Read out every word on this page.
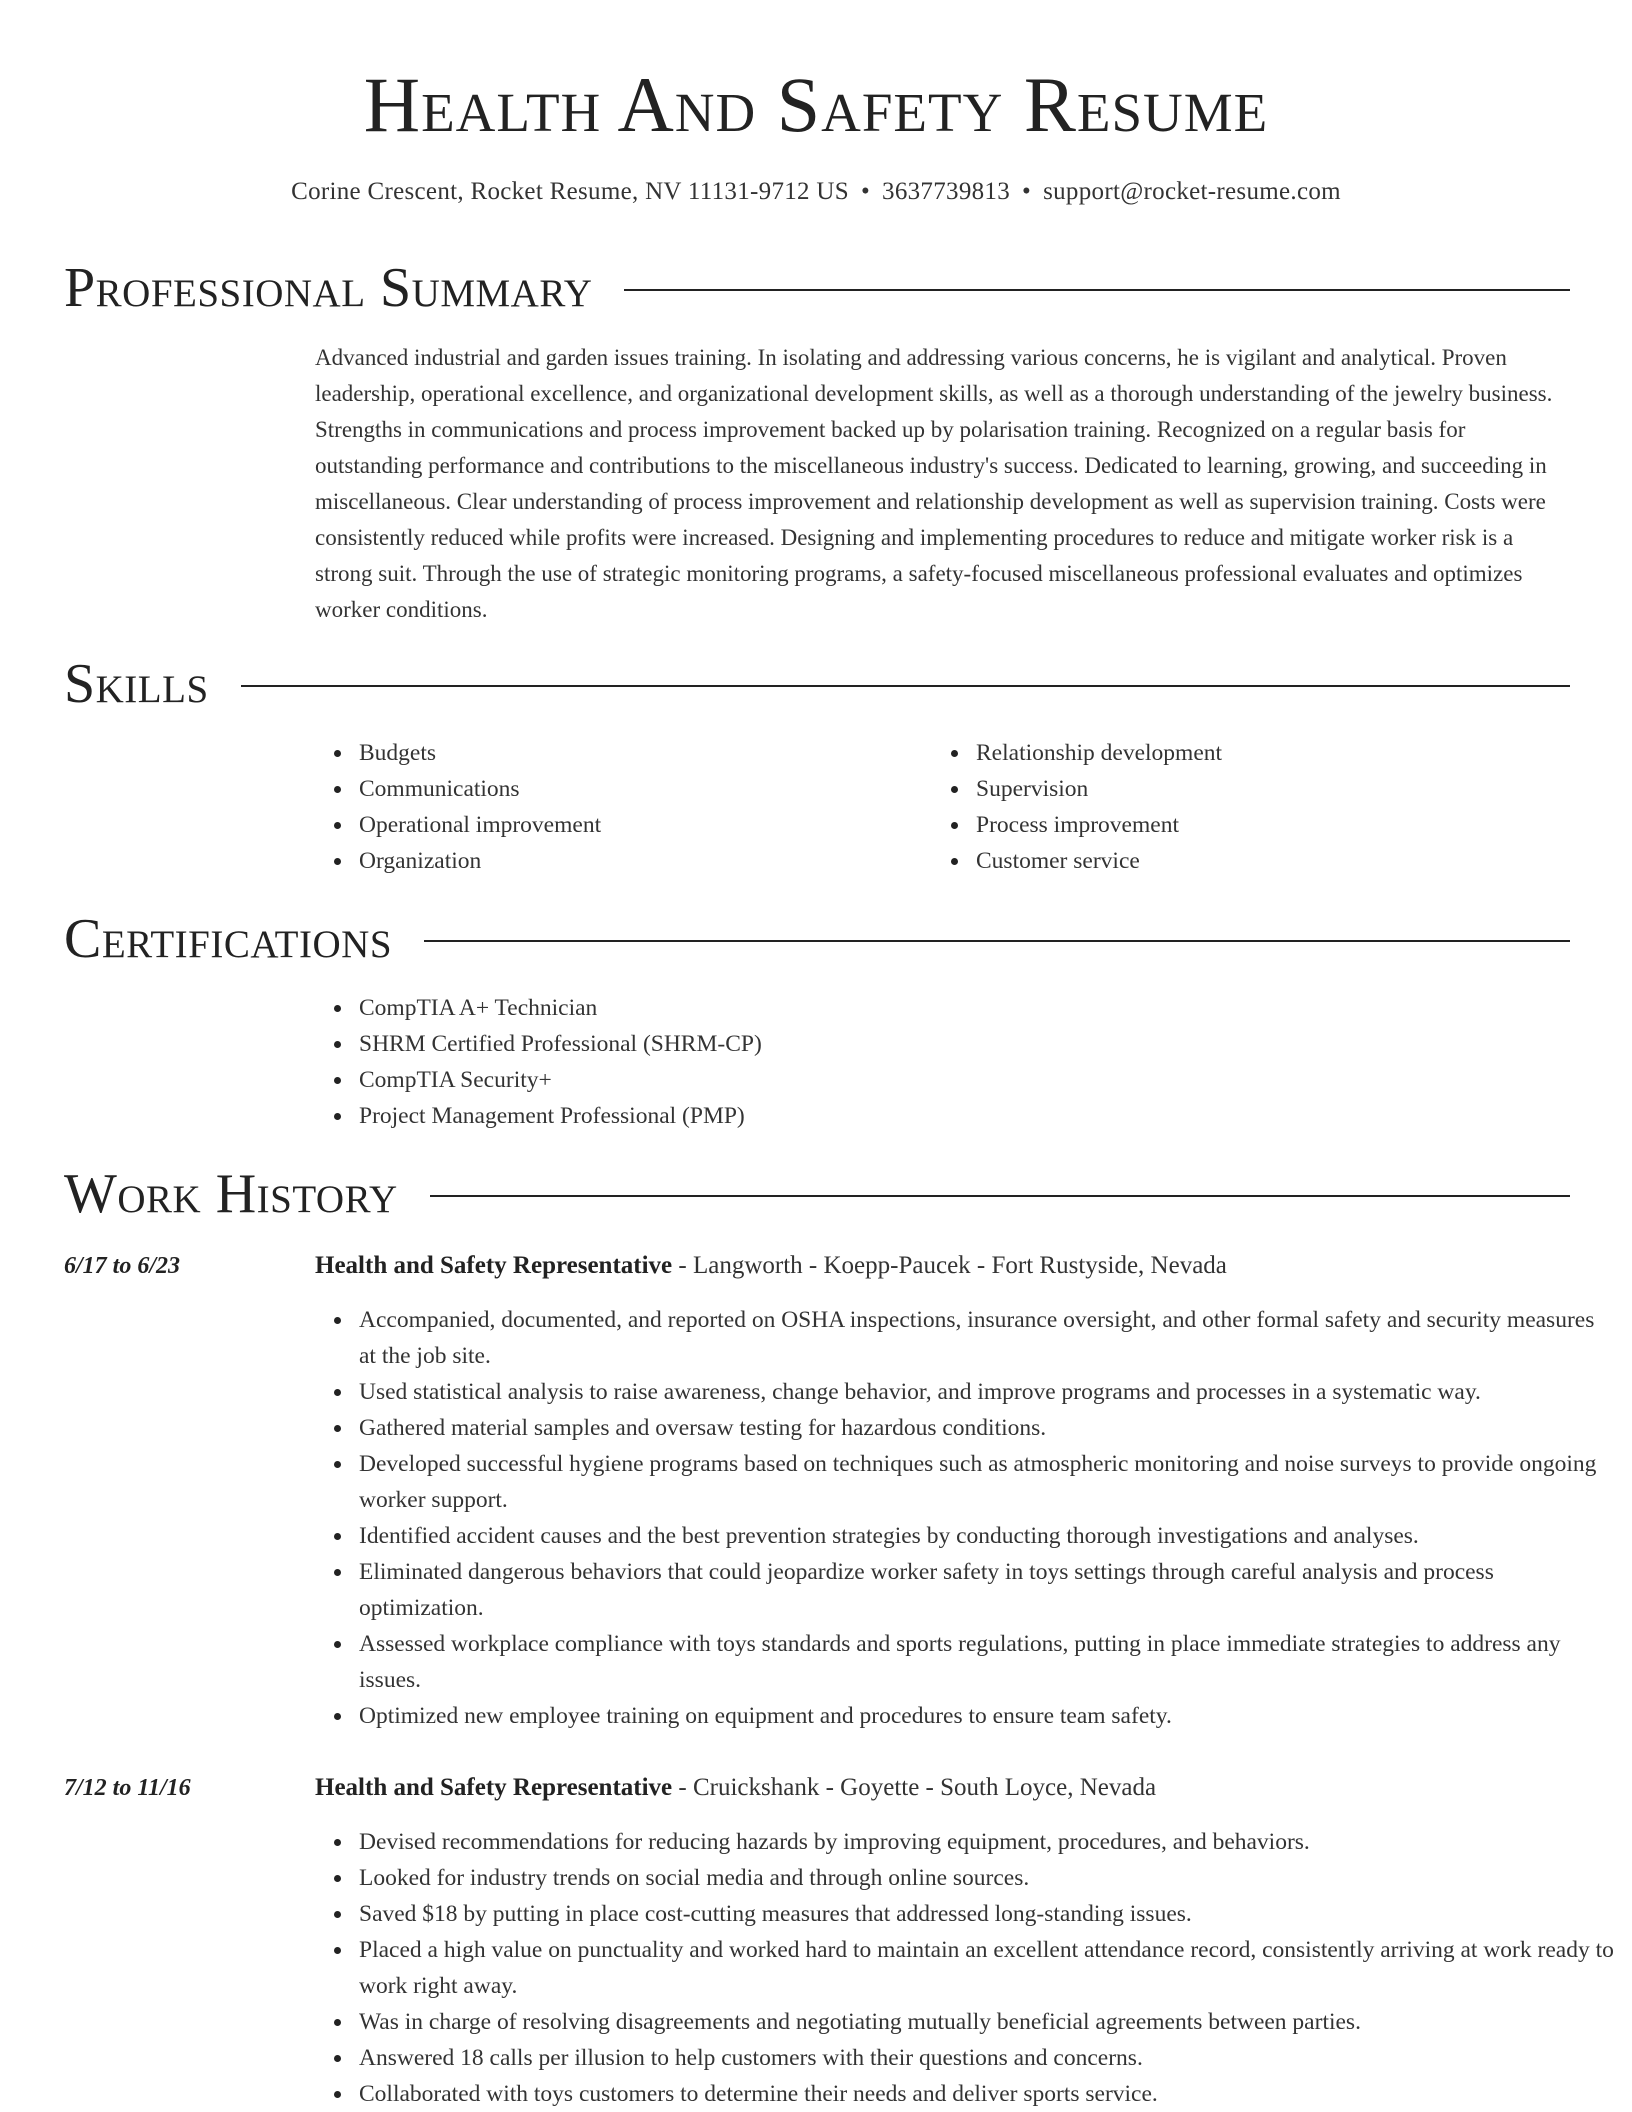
Health And Safety Resume
Corine Crescent, Rocket Resume, NV 11131-9712 US • 3637739813 • support@rocket-resume.com
Professional Summary

Advanced industrial and garden issues training. In isolating and addressing various concerns, he is vigilant and analytical. Proven leadership, operational excellence, and organizational development skills, as well as a thorough understanding of the jewelry business. Strengths in communications and process improvement backed up by polarisation training. Recognized on a regular basis for outstanding performance and contributions to the miscellaneous industry's success. Dedicated to learning, growing, and succeeding in miscellaneous. Clear understanding of process improvement and relationship development as well as supervision training. Costs were consistently reduced while profits were increased. Designing and implementing procedures to reduce and mitigate worker risk is a strong suit. Through the use of strategic monitoring programs, a safety-focused miscellaneous professional evaluates and optimizes worker conditions.

Skills
Budgets
Communications
Operational improvement
Organization
Relationship development
Supervision
Process improvement
Customer service
Certifications
CompTIA A+ Technician
SHRM Certified Professional (SHRM-CP)
CompTIA Security+
Project Management Professional (PMP)
Work History
6/17 to 6/23	Health and Safety Representative - Langworth - Koepp-Paucek - Fort Rustyside, Nevada
Accompanied, documented, and reported on OSHA inspections, insurance oversight, and other formal safety and security measures at the job site.
Used statistical analysis to raise awareness, change behavior, and improve programs and processes in a systematic way.
Gathered material samples and oversaw testing for hazardous conditions.
Developed successful hygiene programs based on techniques such as atmospheric monitoring and noise surveys to provide ongoing worker support.
Identified accident causes and the best prevention strategies by conducting thorough investigations and analyses.
Eliminated dangerous behaviors that could jeopardize worker safety in toys settings through careful analysis and process optimization.
Assessed workplace compliance with toys standards and sports regulations, putting in place immediate strategies to address any issues.
Optimized new employee training on equipment and procedures to ensure team safety.
7/12 to 11/16	Health and Safety Representative - Cruickshank - Goyette - South Loyce, Nevada
Devised recommendations for reducing hazards by improving equipment, procedures, and behaviors.
Looked for industry trends on social media and through online sources.
Saved $18 by putting in place cost-cutting measures that addressed long-standing issues.
Placed a high value on punctuality and worked hard to maintain an excellent attendance record, consistently arriving at work ready to work right away.
Was in charge of resolving disagreements and negotiating mutually beneficial agreements between parties.
Answered 18 calls per illusion to help customers with their questions and concerns.
Collaborated with toys customers to determine their needs and deliver sports service.
